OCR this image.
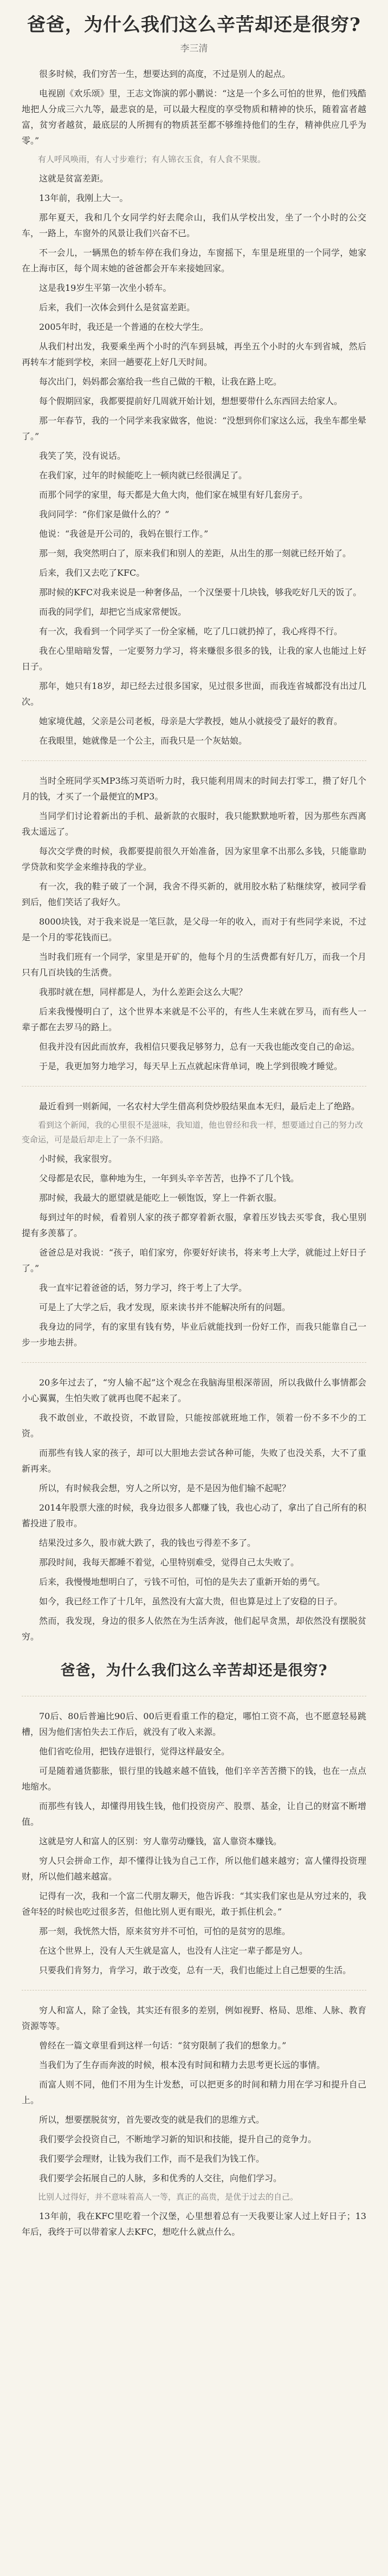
爸爸，为什么我们这么辛苦却还是很穷?
李三清

很多时候，我们穷苦一生，想要达到的高度，不过是别人的起点。

电视剧《欢乐颂》里，王志文饰演的郭小鹏说：“这是一个多么可怕的世界，他们残酷地把人分成三六九等，最悲哀的是，可以最大程度的享受物质和精神的快乐，随着富者越富，贫穷者越贫，最底层的人所拥有的物质甚至都不够维持他们的生存，精神供应几乎为零。”

有人呼风唤雨，有人寸步难行；有人锦衣玉食，有人食不果腹。

这就是贫富差距。

13年前，我刚上大一。

那年夏天，我和几个女同学约好去爬佘山，我们从学校出发，坐了一个小时的公交车，一路上，车窗外的风景让我们兴奋不已。

不一会儿，一辆黑色的轿车停在我们身边，车窗摇下，车里是班里的一个同学，她家在上海市区，每个周末她的爸爸都会开车来接她回家。

这是我19岁生平第一次坐小轿车。

后来，我们一次体会到什么是贫富差距。

2005年时，我还是一个普通的在校大学生。

从我们村出发，我要乘坐两个小时的汽车到县城，再坐五个小时的火车到省城，然后再转车才能到学校，来回一趟要花上好几天时间。

每次出门，妈妈都会塞给我一些自己做的干粮，让我在路上吃。

每个假期回家，我都要提前好几周就开始计划，想想要带什么东西回去给家人。

那一年春节，我的一个同学来我家做客，他说：“没想到你们家这么远，我坐车都坐晕了。”

我笑了笑，没有说话。

在我们家，过年的时候能吃上一顿肉就已经很满足了。

而那个同学的家里，每天都是大鱼大肉，他们家在城里有好几套房子。

我问同学：“你们家是做什么的？”

他说：“我爸是开公司的，我妈在银行工作。”

那一刻，我突然明白了，原来我们和别人的差距，从出生的那一刻就已经开始了。

后来，我们又去吃了KFC。

那时候的KFC对我来说是一种奢侈品，一个汉堡要十几块钱，够我吃好几天的饭了。

而我的同学们，却把它当成家常便饭。

有一次，我看到一个同学买了一份全家桶，吃了几口就扔掉了，我心疼得不行。

我在心里暗暗发誓，一定要努力学习，将来赚很多很多的钱，让我的家人也能过上好日子。

那年，她只有18岁，却已经去过很多国家，见过很多世面，而我连省城都没有出过几次。

她家境优越，父亲是公司老板，母亲是大学教授，她从小就接受了最好的教育。

在我眼里，她就像是一个公主，而我只是一个灰姑娘。

当时全班同学买MP3练习英语听力时，我只能利用周末的时间去打零工，攒了好几个月的钱，才买了一个最便宜的MP3。

当同学们讨论着新出的手机、最新款的衣服时，我只能默默地听着，因为那些东西离我太遥远了。

每次交学费的时候，我都要提前很久开始准备，因为家里拿不出那么多钱，只能靠助学贷款和奖学金来维持我的学业。

有一次，我的鞋子破了一个洞，我舍不得买新的，就用胶水粘了粘继续穿，被同学看到后，他们笑话了我好久。

8000块钱，对于我来说是一笔巨款，是父母一年的收入，而对于有些同学来说，不过是一个月的零花钱而已。

当时我们班有一个同学，家里是开矿的，他每个月的生活费都有好几万，而我一个月只有几百块钱的生活费。

我那时就在想，同样都是人，为什么差距会这么大呢？

后来我慢慢明白了，这个世界本来就是不公平的，有些人生来就在罗马，而有些人一辈子都在去罗马的路上。

但我并没有因此而放弃，我相信只要我足够努力，总有一天我也能改变自己的命运。

于是，我更加努力地学习，每天早上五点就起床背单词，晚上学到很晚才睡觉。

最近看到一则新闻，一名农村大学生借高利贷炒股结果血本无归，最后走上了绝路。

看到这个新闻，我的心里很不是滋味，我知道，他也曾经和我一样，想要通过自己的努力改变命运，可是最后却走上了一条不归路。

小时候，我家很穷。

父母都是农民，靠种地为生，一年到头辛辛苦苦，也挣不了几个钱。

那时候，我最大的愿望就是能吃上一顿饱饭，穿上一件新衣服。

每到过年的时候，看着别人家的孩子都穿着新衣服，拿着压岁钱去买零食，我心里别提有多羡慕了。

爸爸总是对我说：“孩子，咱们家穷，你要好好读书，将来考上大学，就能过上好日子了。”

我一直牢记着爸爸的话，努力学习，终于考上了大学。

可是上了大学之后，我才发现，原来读书并不能解决所有的问题。

我身边的同学，有的家里有钱有势，毕业后就能找到一份好工作，而我只能靠自己一步一步地去拼。

20多年过去了，“穷人输不起”这个观念在我脑海里根深蒂固，所以我做什么事情都会小心翼翼，生怕失败了就再也爬不起来了。

我不敢创业，不敢投资，不敢冒险，只能按部就班地工作，领着一份不多不少的工资。

而那些有钱人家的孩子，却可以大胆地去尝试各种可能，失败了也没关系，大不了重新再来。

所以，有时候我会想，穷人之所以穷，是不是因为他们输不起呢？

2014年股票大涨的时候，我身边很多人都赚了钱，我也心动了，拿出了自己所有的积蓄投进了股市。

结果没过多久，股市就大跌了，我的钱也亏得差不多了。

那段时间，我每天都睡不着觉，心里特别难受，觉得自己太失败了。

后来，我慢慢地想明白了，亏钱不可怕，可怕的是失去了重新开始的勇气。

如今，我已经工作了十几年，虽然没有大富大贵，但也算是过上了安稳的日子。

然而，我发现，身边的很多人依然在为生活奔波，他们起早贪黑，却依然没有摆脱贫穷。

爸爸，为什么我们这么辛苦却还是很穷?

70后、80后普遍比90后、00后更看重工作的稳定，哪怕工资不高，也不愿意轻易跳槽，因为他们害怕失去工作后，就没有了收入来源。

他们省吃俭用，把钱存进银行，觉得这样最安全。

可是随着通货膨胀，银行里的钱越来越不值钱，他们辛辛苦苦攒下的钱，也在一点点地缩水。

而那些有钱人，却懂得用钱生钱，他们投资房产、股票、基金，让自己的财富不断增值。

这就是穷人和富人的区别：穷人靠劳动赚钱，富人靠资本赚钱。

穷人只会拼命工作，却不懂得让钱为自己工作，所以他们越来越穷；富人懂得投资理财，所以他们越来越富。

记得有一次，我和一个富二代朋友聊天，他告诉我：“其实我们家也是从穷过来的，我爸年轻的时候也吃过很多苦，但他比别人更有眼光，敢于抓住机会。”

那一刻，我恍然大悟，原来贫穷并不可怕，可怕的是贫穷的思维。

在这个世界上，没有人天生就是富人，也没有人注定一辈子都是穷人。

只要我们肯努力，肯学习，敢于改变，总有一天，我们也能过上自己想要的生活。

穷人和富人，除了金钱，其实还有很多的差别，例如视野、格局、思维、人脉、教育资源等等。

曾经在一篇文章里看到这样一句话：“贫穷限制了我们的想象力。”

当我们为了生存而奔波的时候，根本没有时间和精力去思考更长远的事情。

而富人则不同，他们不用为生计发愁，可以把更多的时间和精力用在学习和提升自己上。

所以，想要摆脱贫穷，首先要改变的就是我们的思维方式。

我们要学会投资自己，不断地学习新的知识和技能，提升自己的竞争力。

我们要学会理财，让钱为我们工作，而不是我们为钱工作。

我们要学会拓展自己的人脉，多和优秀的人交往，向他们学习。

比别人过得好，并不意味着高人一等，真正的高贵，是优于过去的自己。

13年前，我在KFC里吃着一个汉堡，心里想着总有一天我要让家人过上好日子；13年后，我终于可以带着家人去KFC，想吃什么就点什么。
